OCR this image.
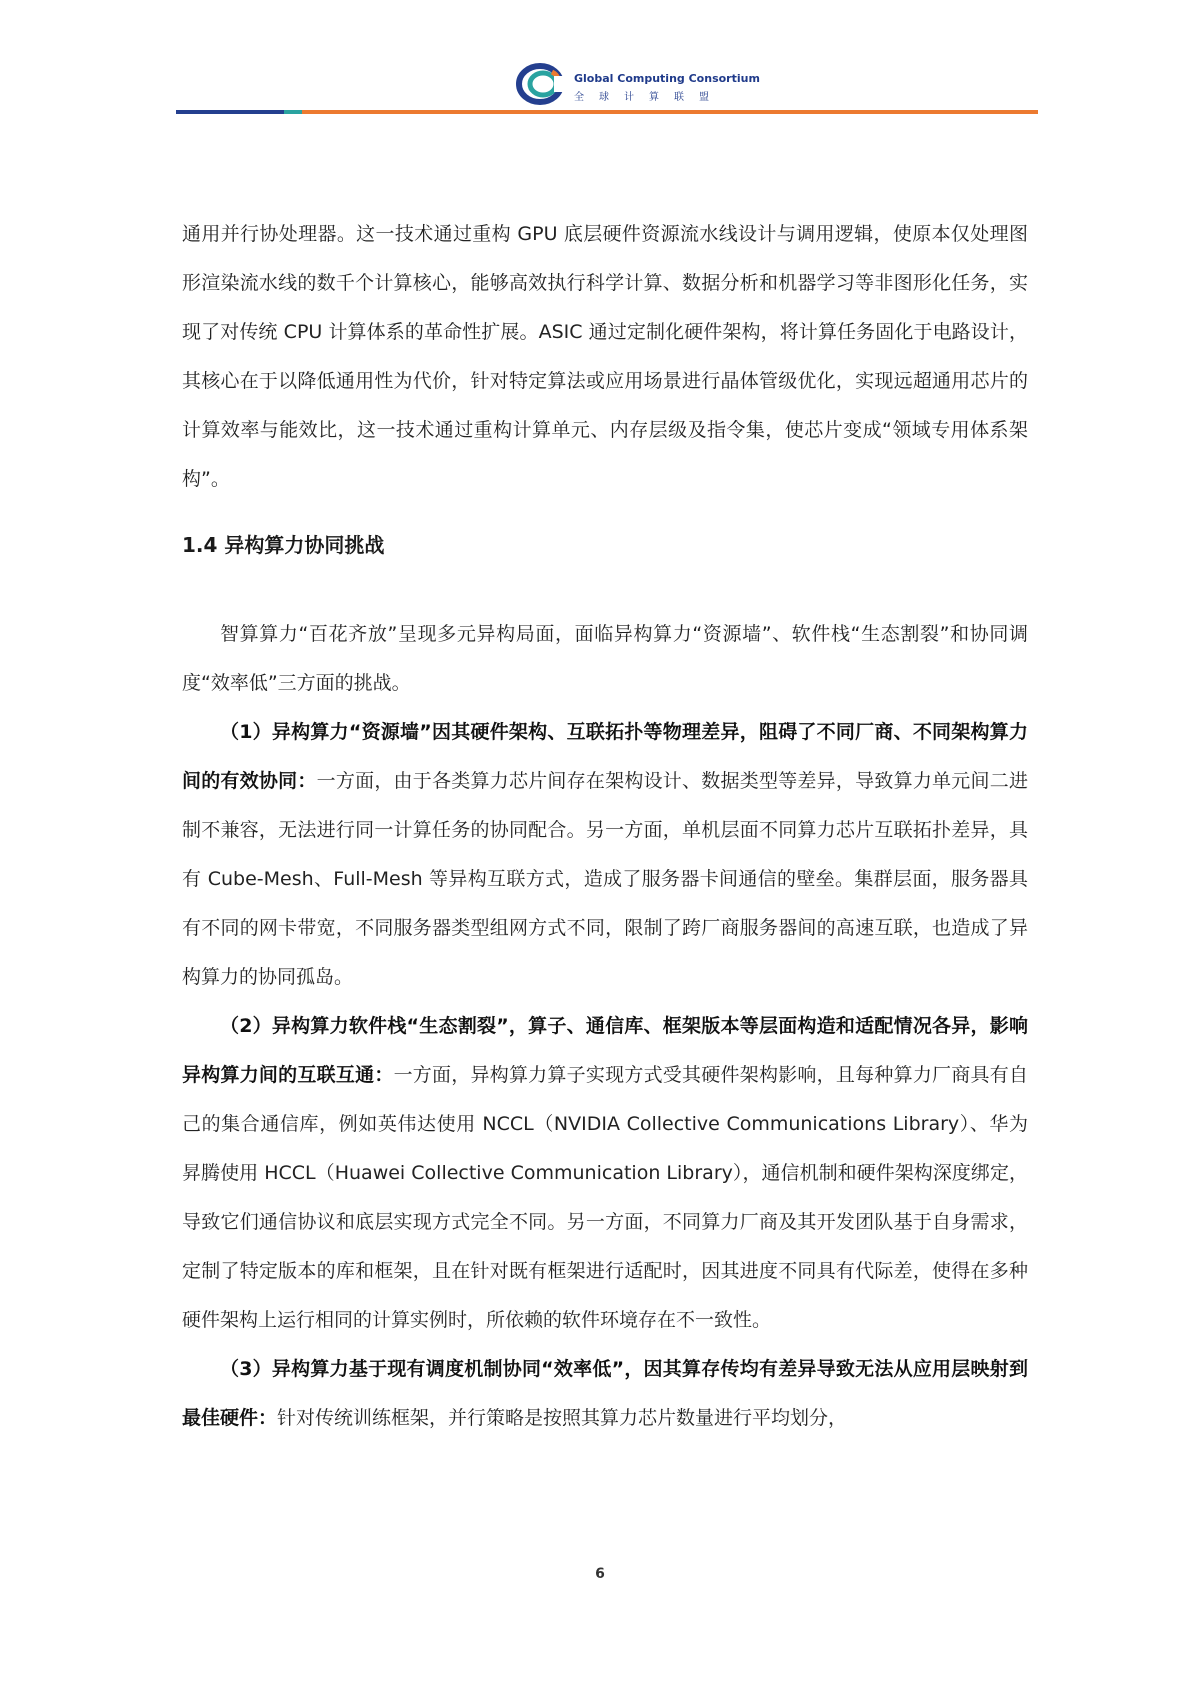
Global Computing Consortium
全球计算联盟

通用并行协处理器。这一技术通过重构 GPU 底层硬件资源流水线设计与调用逻辑，使原本仅处理图形渲染流水线的数千个计算核心，能够高效执行科学计算、数据分析和机器学习等非图形化任务，实现了对传统 CPU 计算体系的革命性扩展。ASIC 通过定制化硬件架构，将计算任务固化于电路设计，其核心在于以降低通用性为代价，针对特定算法或应用场景进行晶体管级优化，实现远超通用芯片的计算效率与能效比，这一技术通过重构计算单元、内存层级及指令集，使芯片变成“领域专用体系架构”。

1.4 异构算力协同挑战

智算算力“百花齐放”呈现多元异构局面，面临异构算力“资源墙”、软件栈“生态割裂”和协同调度“效率低”三方面的挑战。

（1）异构算力“资源墙”因其硬件架构、互联拓扑等物理差异，阻碍了不同厂商、不同架构算力间的有效协同：一方面，由于各类算力芯片间存在架构设计、数据类型等差异，导致算力单元间二进制不兼容，无法进行同一计算任务的协同配合。另一方面，单机层面不同算力芯片互联拓扑差异，具有 Cube-Mesh、Full-Mesh 等异构互联方式，造成了服务器卡间通信的壁垒。集群层面，服务器具有不同的网卡带宽，不同服务器类型组网方式不同，限制了跨厂商服务器间的高速互联，也造成了异构算力的协同孤岛。

（2）异构算力软件栈“生态割裂”，算子、通信库、框架版本等层面构造和适配情况各异，影响异构算力间的互联互通：一方面，异构算力算子实现方式受其硬件架构影响，且每种算力厂商具有自己的集合通信库，例如英伟达使用 NCCL（NVIDIA Collective Communications Library）、华为昇腾使用 HCCL（Huawei Collective Communication Library），通信机制和硬件架构深度绑定，导致它们通信协议和底层实现方式完全不同。另一方面，不同算力厂商及其开发团队基于自身需求，定制了特定版本的库和框架，且在针对既有框架进行适配时，因其进度不同具有代际差，使得在多种硬件架构上运行相同的计算实例时，所依赖的软件环境存在不一致性。

（3）异构算力基于现有调度机制协同“效率低”，因其算存传均有差异导致无法从应用层映射到最佳硬件：针对传统训练框架，并行策略是按照其算力芯片数量进行平均划分，

6
